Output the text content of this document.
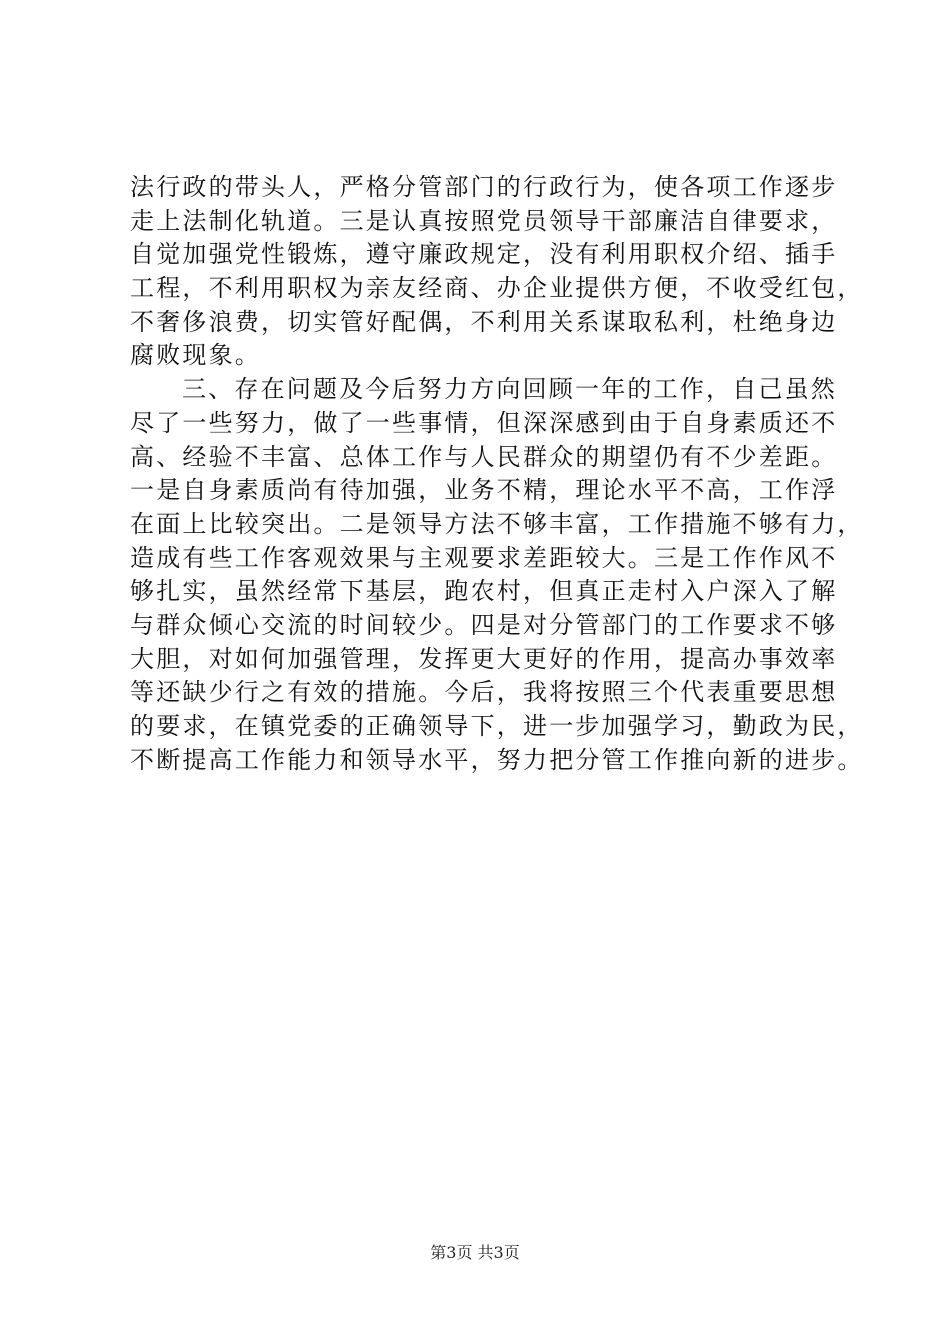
法行政的带头人，严格分管部门的行政行为，使各项工作逐步
走上法制化轨道。三是认真按照党员领导干部廉洁自律要求，
自觉加强党性锻炼，遵守廉政规定，没有利用职权介绍、插手
工程，不利用职权为亲友经商、办企业提供方便，不收受红包，
不奢侈浪费，切实管好配偶，不利用关系谋取私利，杜绝身边
腐败现象。
三、存在问题及今后努力方向回顾一年的工作，自己虽然
尽了一些努力，做了一些事情，但深深感到由于自身素质还不
高、经验不丰富、总体工作与人民群众的期望仍有不少差距。
一是自身素质尚有待加强，业务不精，理论水平不高，工作浮
在面上比较突出。二是领导方法不够丰富，工作措施不够有力，
造成有些工作客观效果与主观要求差距较大。三是工作作风不
够扎实，虽然经常下基层，跑农村，但真正走村入户深入了解
与群众倾心交流的时间较少。四是对分管部门的工作要求不够
大胆，对如何加强管理，发挥更大更好的作用，提高办事效率
等还缺少行之有效的措施。今后，我将按照三个代表重要思想
的要求，在镇党委的正确领导下，进一步加强学习，勤政为民，
不断提高工作能力和领导水平，努力把分管工作推向新的进步。
第3页 共3页
